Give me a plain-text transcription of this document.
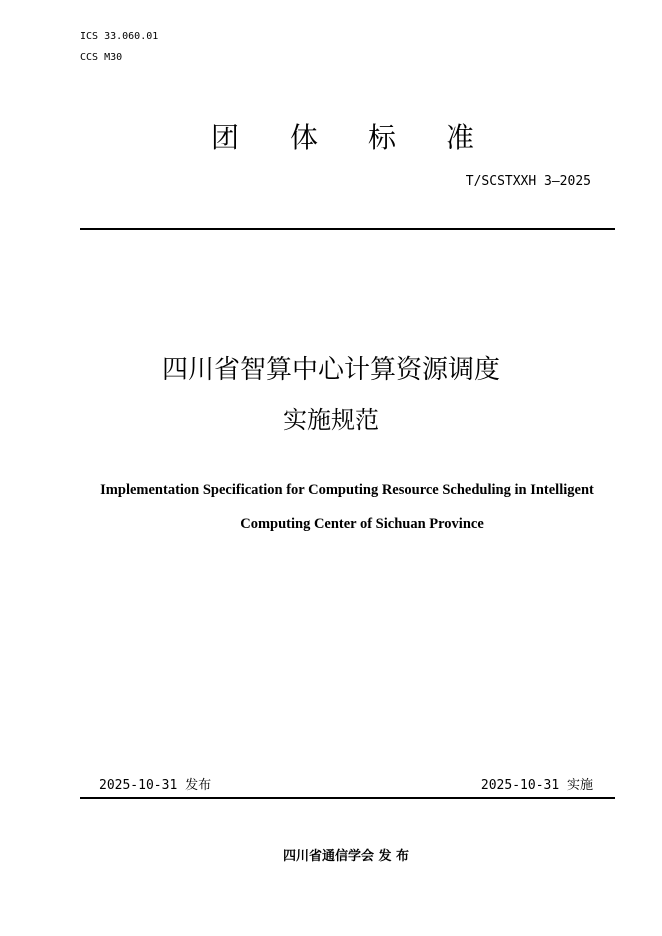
ICS 33.060.01
CCS M30
团 体 标 准
T/SCSTXXH 3—2025
四川省智算中心计算资源调度
实施规范
Implementation Specification for Computing Resource Scheduling in Intelligent
Computing Center of Sichuan Province
2025-10-31 发布	2025-10-31 实施
四川省通信学会 发 布
